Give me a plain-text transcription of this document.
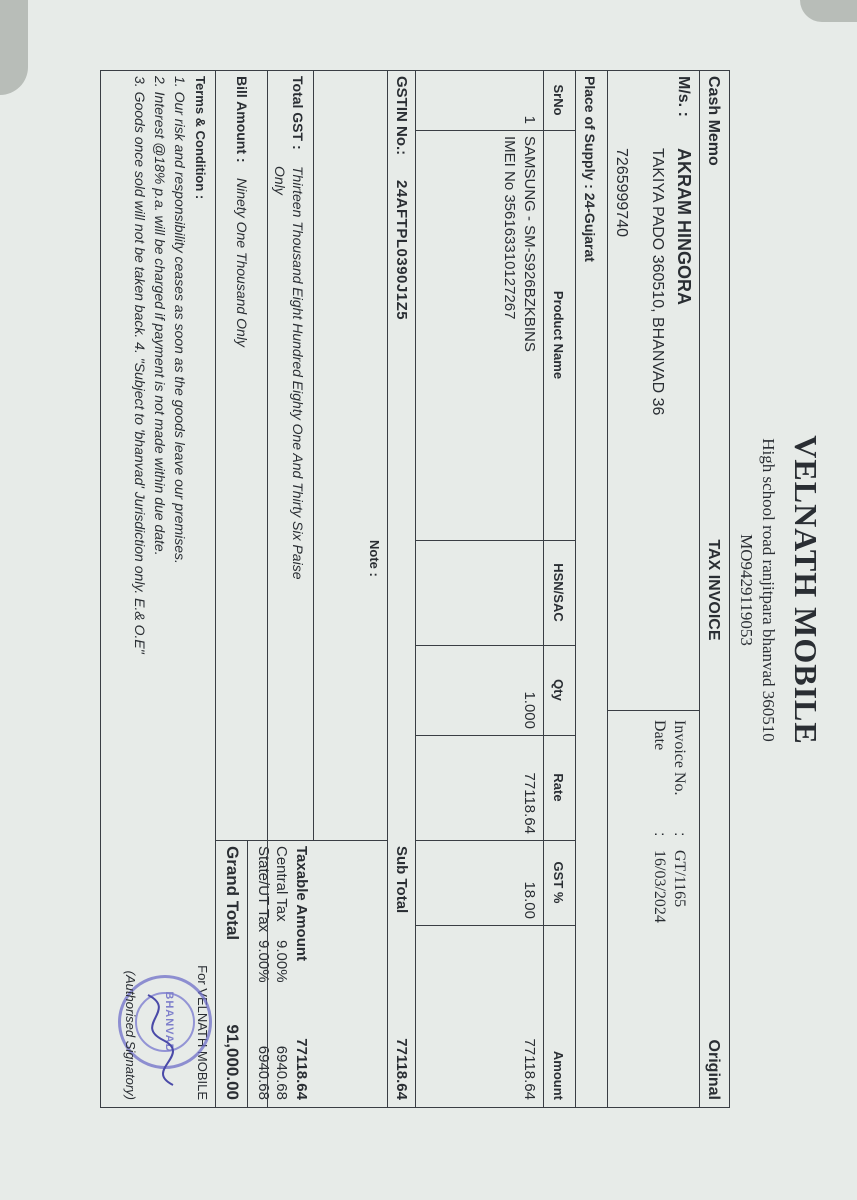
VELNATH MOBILE
High school road ranjitpara bhanvad 360510
MO9429119053
Cash Memo
TAX INVOICE
Original
M/s. :
AKRAM HINGORA
TAKIYA PADO 360510, BHANVAD 36
7265999740
Invoice No.
:
GT/1165
Date
:
16/03/2024
Place of Supply : 24-Gujarat
SrNo
Product Name
HSN/SAC
Qty
Rate
GST %
Amount
1
SAMSUNG - SM-S926BZKBINS
IMEI No 356163310127267
1.000
77118.64
18.00
77118.64
GSTIN No.:
24AFTPL0390J1Z5
Sub Total
77118.64
Note :
Taxable Amount
77118.64
Central Tax
9.00%
6940.68
State/UT Tax
9.00%
6940.68
Total GST :
Thirteen Thousand Eight Hundred Eighty One And Thirty Six Paise
Only
Bill Amount :
Ninety One Thousand Only
Grand Total
91,000.00
Terms & Condition :
1. Our risk and responsibility ceases as soon as the goods leave our premises.
2. Interest @18% p.a. will be charged if payment is not made within due date.
3. Goods once sold will not be taken back. 4. "Subject to 'bhanvad' Jurisdiction only. E.& O.E"
For VELNATH MOBILE
BHANVAD
(Authorised Signatory)
